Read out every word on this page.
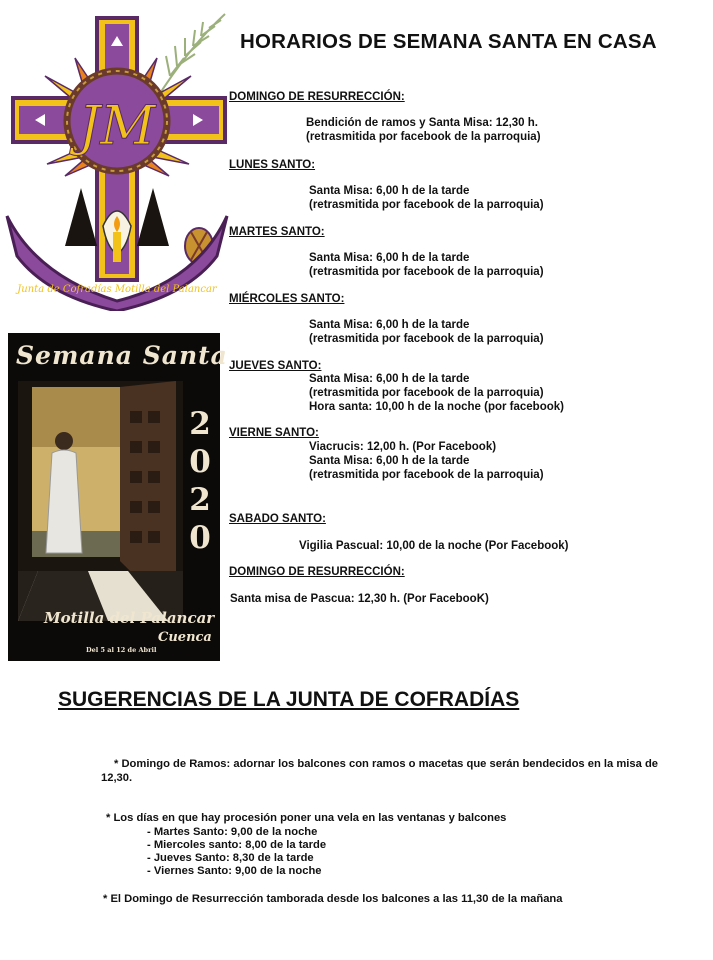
JM
Junta de Cofradías Motilla del Palancar
Semana Santa
2
0
2
0
Motilla del Palancar
Cuenca
Del 5 al 12 de Abril
HORARIOS DE SEMANA SANTA EN CASA
DOMINGO DE RESURRECCIÓN:
Bendición de ramos y Santa Misa: 12,30 h.
(retrasmitida por facebook de la parroquia)
LUNES SANTO:
Santa Misa: 6,00 h de la tarde
(retrasmitida por facebook de la parroquia)
MARTES SANTO:
Santa Misa: 6,00 h de la tarde
(retrasmitida por facebook de la parroquia)
MIÉRCOLES SANTO:
Santa Misa: 6,00 h de la tarde
(retrasmitida por facebook de la parroquia)
JUEVES SANTO:
Santa Misa: 6,00 h de la tarde
(retrasmitida por facebook de la parroquia)
Hora santa: 10,00 h de la noche (por facebook)
VIERNE SANTO:
Viacrucis: 12,00 h. (Por Facebook)
Santa Misa: 6,00 h de la tarde
(retrasmitida por facebook de la parroquia)
SABADO SANTO:
Vigilia Pascual: 10,00 de la noche (Por Facebook)
DOMINGO DE RESURRECCIÓN:
Santa misa de Pascua: 12,30 h. (Por FacebooK)
SUGERENCIAS DE LA JUNTA DE COFRADÍAS
* Domingo de Ramos: adornar los balcones con ramos o macetas que serán bendecidos en la misa de
12,30.
* Los días en que hay procesión poner una vela en las ventanas y balcones
- Martes Santo: 9,00 de la noche
- Miercoles santo: 8,00 de la tarde
- Jueves Santo: 8,30 de la tarde
- Viernes Santo: 9,00 de la noche
* El Domingo de Resurrección tamborada desde los balcones a las 11,30 de la mañana
